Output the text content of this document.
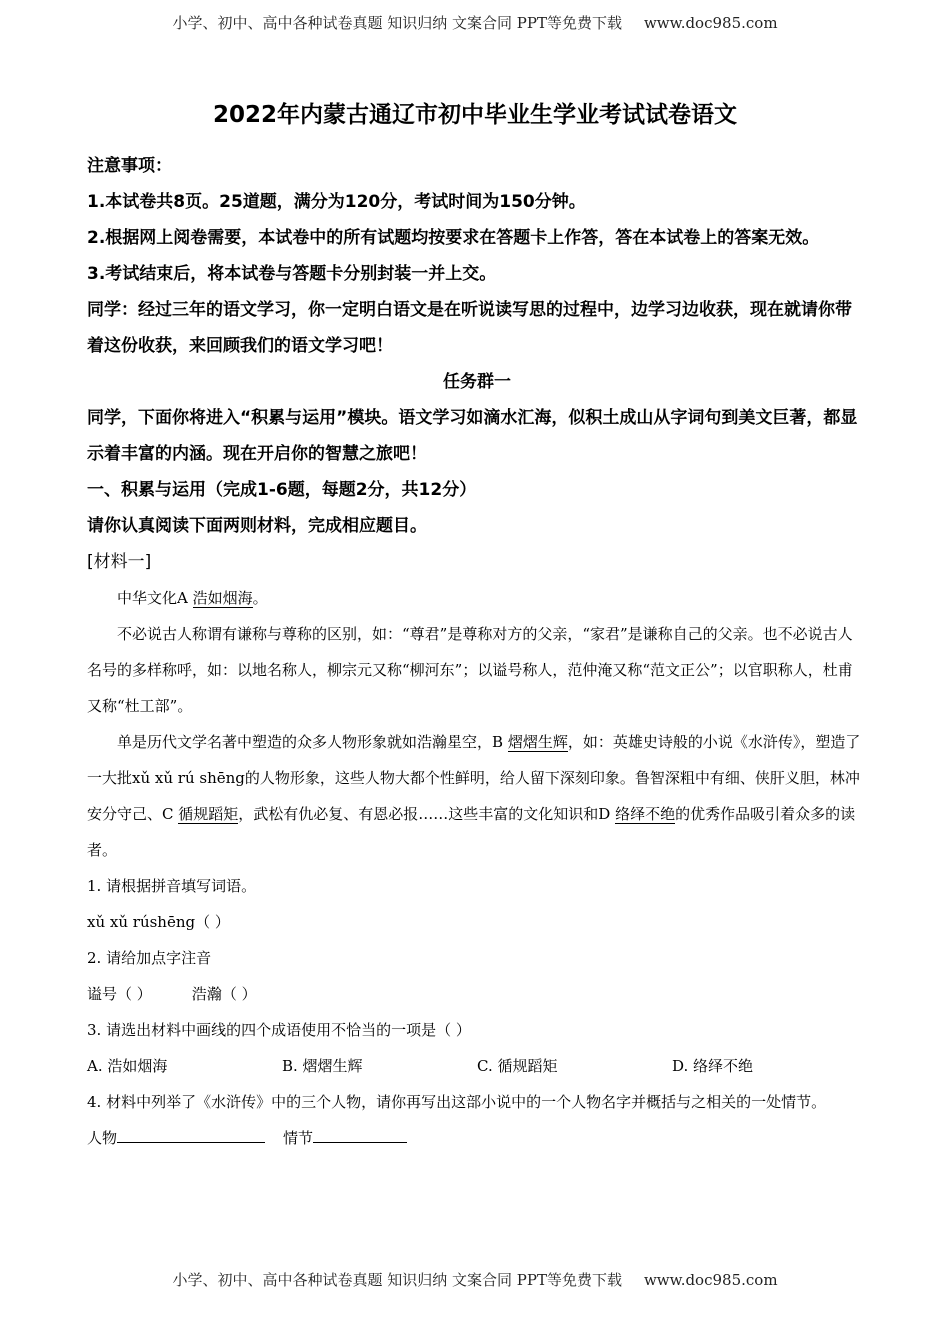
小学、初中、高中各种试卷真题 知识归纳 文案合同 PPT等免费下载 www.doc985.com
2022年内蒙古通辽市初中毕业生学业考试试卷语文
注意事项：
1.本试卷共8页。25道题，满分为120分，考试时间为150分钟。
2.根据网上阅卷需要，本试卷中的所有试题均按要求在答题卡上作答，答在本试卷上的答案无效。
3.考试结束后，将本试卷与答题卡分别封装一并上交。
同学：经过三年的语文学习，你一定明白语文是在听说读写思的过程中，边学习边收获，现在就请你带着这份收获，来回顾我们的语文学习吧！
任务群一
同学，下面你将进入“积累与运用”模块。语文学习如滴水汇海，似积土成山从字词句到美文巨著，都显示着丰富的内涵。现在开启你的智慧之旅吧！
一、积累与运用（完成1-6题，每题2分，共12分）
请你认真阅读下面两则材料，完成相应题目。
[材料一]
中华文化A 浩如烟海。
不必说古人称谓有谦称与尊称的区别，如：“尊君”是尊称对方的父亲，“家君”是谦称自己的父亲。也不必说古人名号的多样称呼，如：以地名称人，柳宗元又称“柳河东”；以谥号称人，范仲淹又称“范文正公”；以官职称人，杜甫又称“杜工部”。
单是历代文学名著中塑造的众多人物形象就如浩瀚星空，B 熠熠生辉，如：英雄史诗般的小说《水浒传》，塑造了一大批xǔ xǔ rú shēng的人物形象，这些人物大都个性鲜明，给人留下深刻印象。鲁智深粗中有细、侠肝义胆，林冲安分守己、C 循规蹈矩，武松有仇必复、有恩必报……这些丰富的文化知识和D 络绎不绝的优秀作品吸引着众多的读者。
1. 请根据拼音填写词语。
xǔ xǔ rúshēng（ ）
2. 请给加点字注音
谥号（ ）	浩瀚（ ）
3. 请选出材料中画线的四个成语使用不恰当的一项是（ ）
A. 浩如烟海	B. 熠熠生辉	C. 循规蹈矩	D. 络绎不绝
4. 材料中列举了《水浒传》中的三个人物，请你再写出这部小说中的一个人物名字并概括与之相关的一处情节。
人物	情节
小学、初中、高中各种试卷真题 知识归纳 文案合同 PPT等免费下载 www.doc985.com
